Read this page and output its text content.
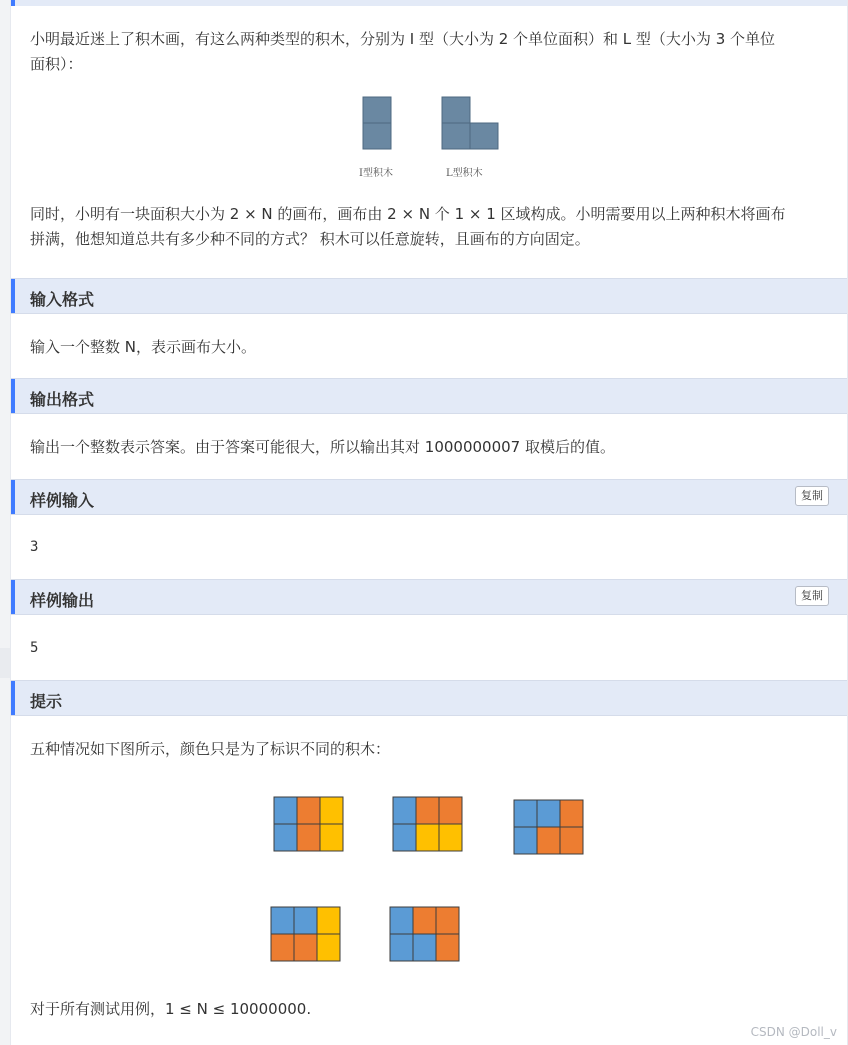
小明最近迷上了积木画，有这么两种类型的积木，分别为 I 型（大小为 2 个单位面积）和 L 型（大小为 3 个单位
面积）：
I型积木	L型积木
同时，小明有一块面积大小为 2 × N 的画布，画布由 2 × N 个 1 × 1 区域构成。小明需要用以上两种积木将画布
拼满，他想知道总共有多少种不同的方式？ 积木可以任意旋转，且画布的方向固定。
输入格式
输入一个整数 N，表示画布大小。
输出格式
输出一个整数表示答案。由于答案可能很大，所以输出其对 1000000007 取模后的值。
样例输入	复制
3
样例输出	复制
5
提示
五种情况如下图所示，颜色只是为了标识不同的积木：
对于所有测试用例，1 ≤ N ≤ 10000000.
CSDN @Doll_v
